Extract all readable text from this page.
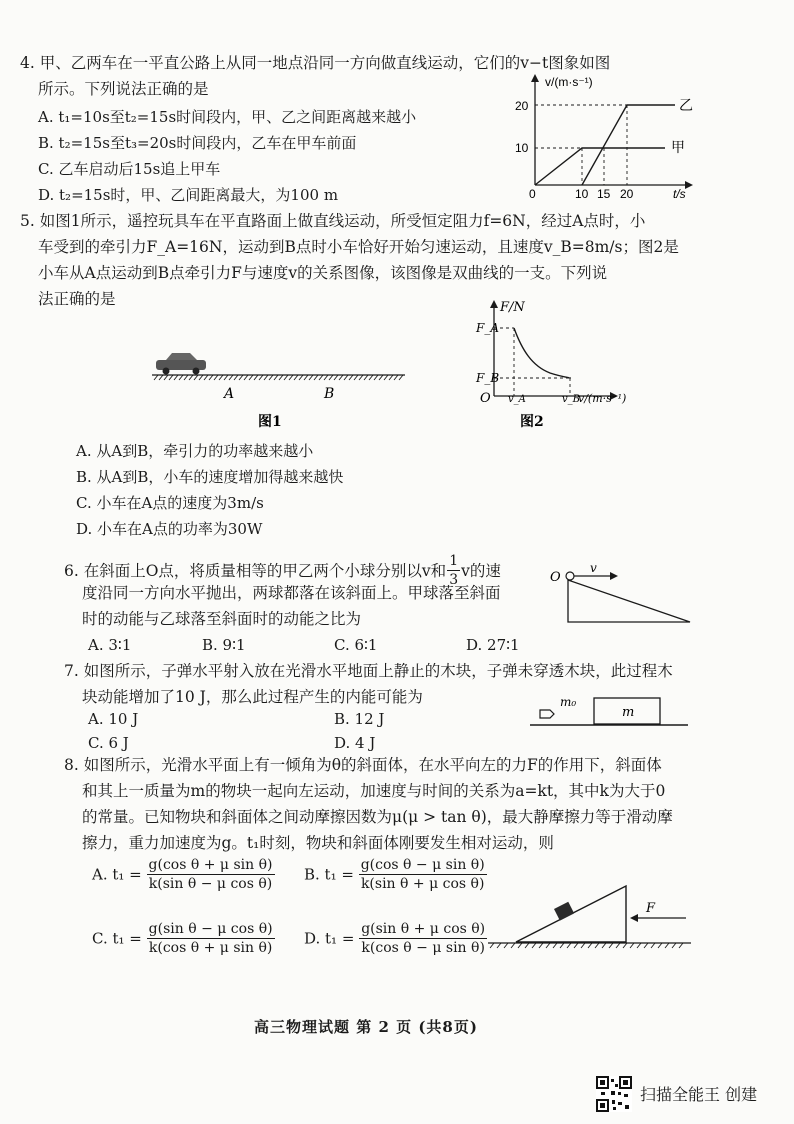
4. 甲、乙两车在一平直公路上从同一地点沿同一方向做直线运动，它们的v−t图象如图
所示。下列说法正确的是
A. t₁=10s至t₂=15s时间段内，甲、乙之间距离越来越小
B. t₂=15s至t₃=20s时间段内，乙车在甲车前面
C. 乙车启动后15s追上甲车
D. t₂=15s时，甲、乙间距离最大，为100 m
v/(m·s⁻¹)
20
10
0	10 15 20	t/s
乙
甲
5. 如图1所示，遥控玩具车在平直路面上做直线运动，所受恒定阻力f=6N，经过A点时，小
车受到的牵引力F_A=16N，运动到B点时小车恰好开始匀速运动，且速度v_B=8m/s；图2是
小车从A点运动到B点牵引力F与速度v的关系图像，该图像是双曲线的一支。下列说
法正确的是
A	B
图1
F/N
F_A
F_B
O v_A	v_B
v/(m·s⁻¹)
图2
A. 从A到B，牵引力的功率越来越小
B. 从A到B，小车的速度增加得越来越快
C. 小车在A点的速度为3m/s
D. 小车在A点的功率为30W
6. 在斜面上O点，将质量相等的甲乙两个小球分别以v和 $\frac{1}{3}$ v的速
度沿同一方向水平抛出，两球都落在该斜面上。甲球落至斜面
时的动能与乙球落至斜面时的动能之比为
A. 3∶1	B. 9∶1	C. 6∶1	D. 27∶1
O
v
7. 如图所示，子弹水平射入放在光滑水平地面上静止的木块，子弹未穿透木块，此过程木
块动能增加了10 J，那么此过程产生的内能可能为
A. 10 J	B. 12 J
C. 6 J	D. 4 J
m₀
m
8. 如图所示，光滑水平面上有一倾角为θ的斜面体，在水平向左的力F的作用下，斜面体
和其上一质量为m的物块一起向左运动，加速度与时间的关系为a=kt，其中k为大于0
的常量。已知物块和斜面体之间动摩擦因数为μ(μ > tan θ)，最大静摩擦力等于滑动摩
擦力，重力加速度为g。t₁时刻，物块和斜面体刚要发生相对运动，则
A. $t_1 = \frac{\text{g(cos θ + μ sin θ)}}{\text{k(sin θ − μ cos θ)}} B$. $t_1 = \frac{\text{g(cos θ − μ sin θ)}}{\text{k(sin θ + μ cos θ)}}$
C. $t_1 = \frac{\text{g(sin θ − μ cos θ)}}{\text{k(cos θ + μ sin θ)}} D$. $t_1 = \frac{\text{g(sin θ + μ cos θ)}}{\text{k(cos θ − μ sin θ)}}$
F
高三物理试题 第 2 页 (共8页)
扫描全能王 创建
